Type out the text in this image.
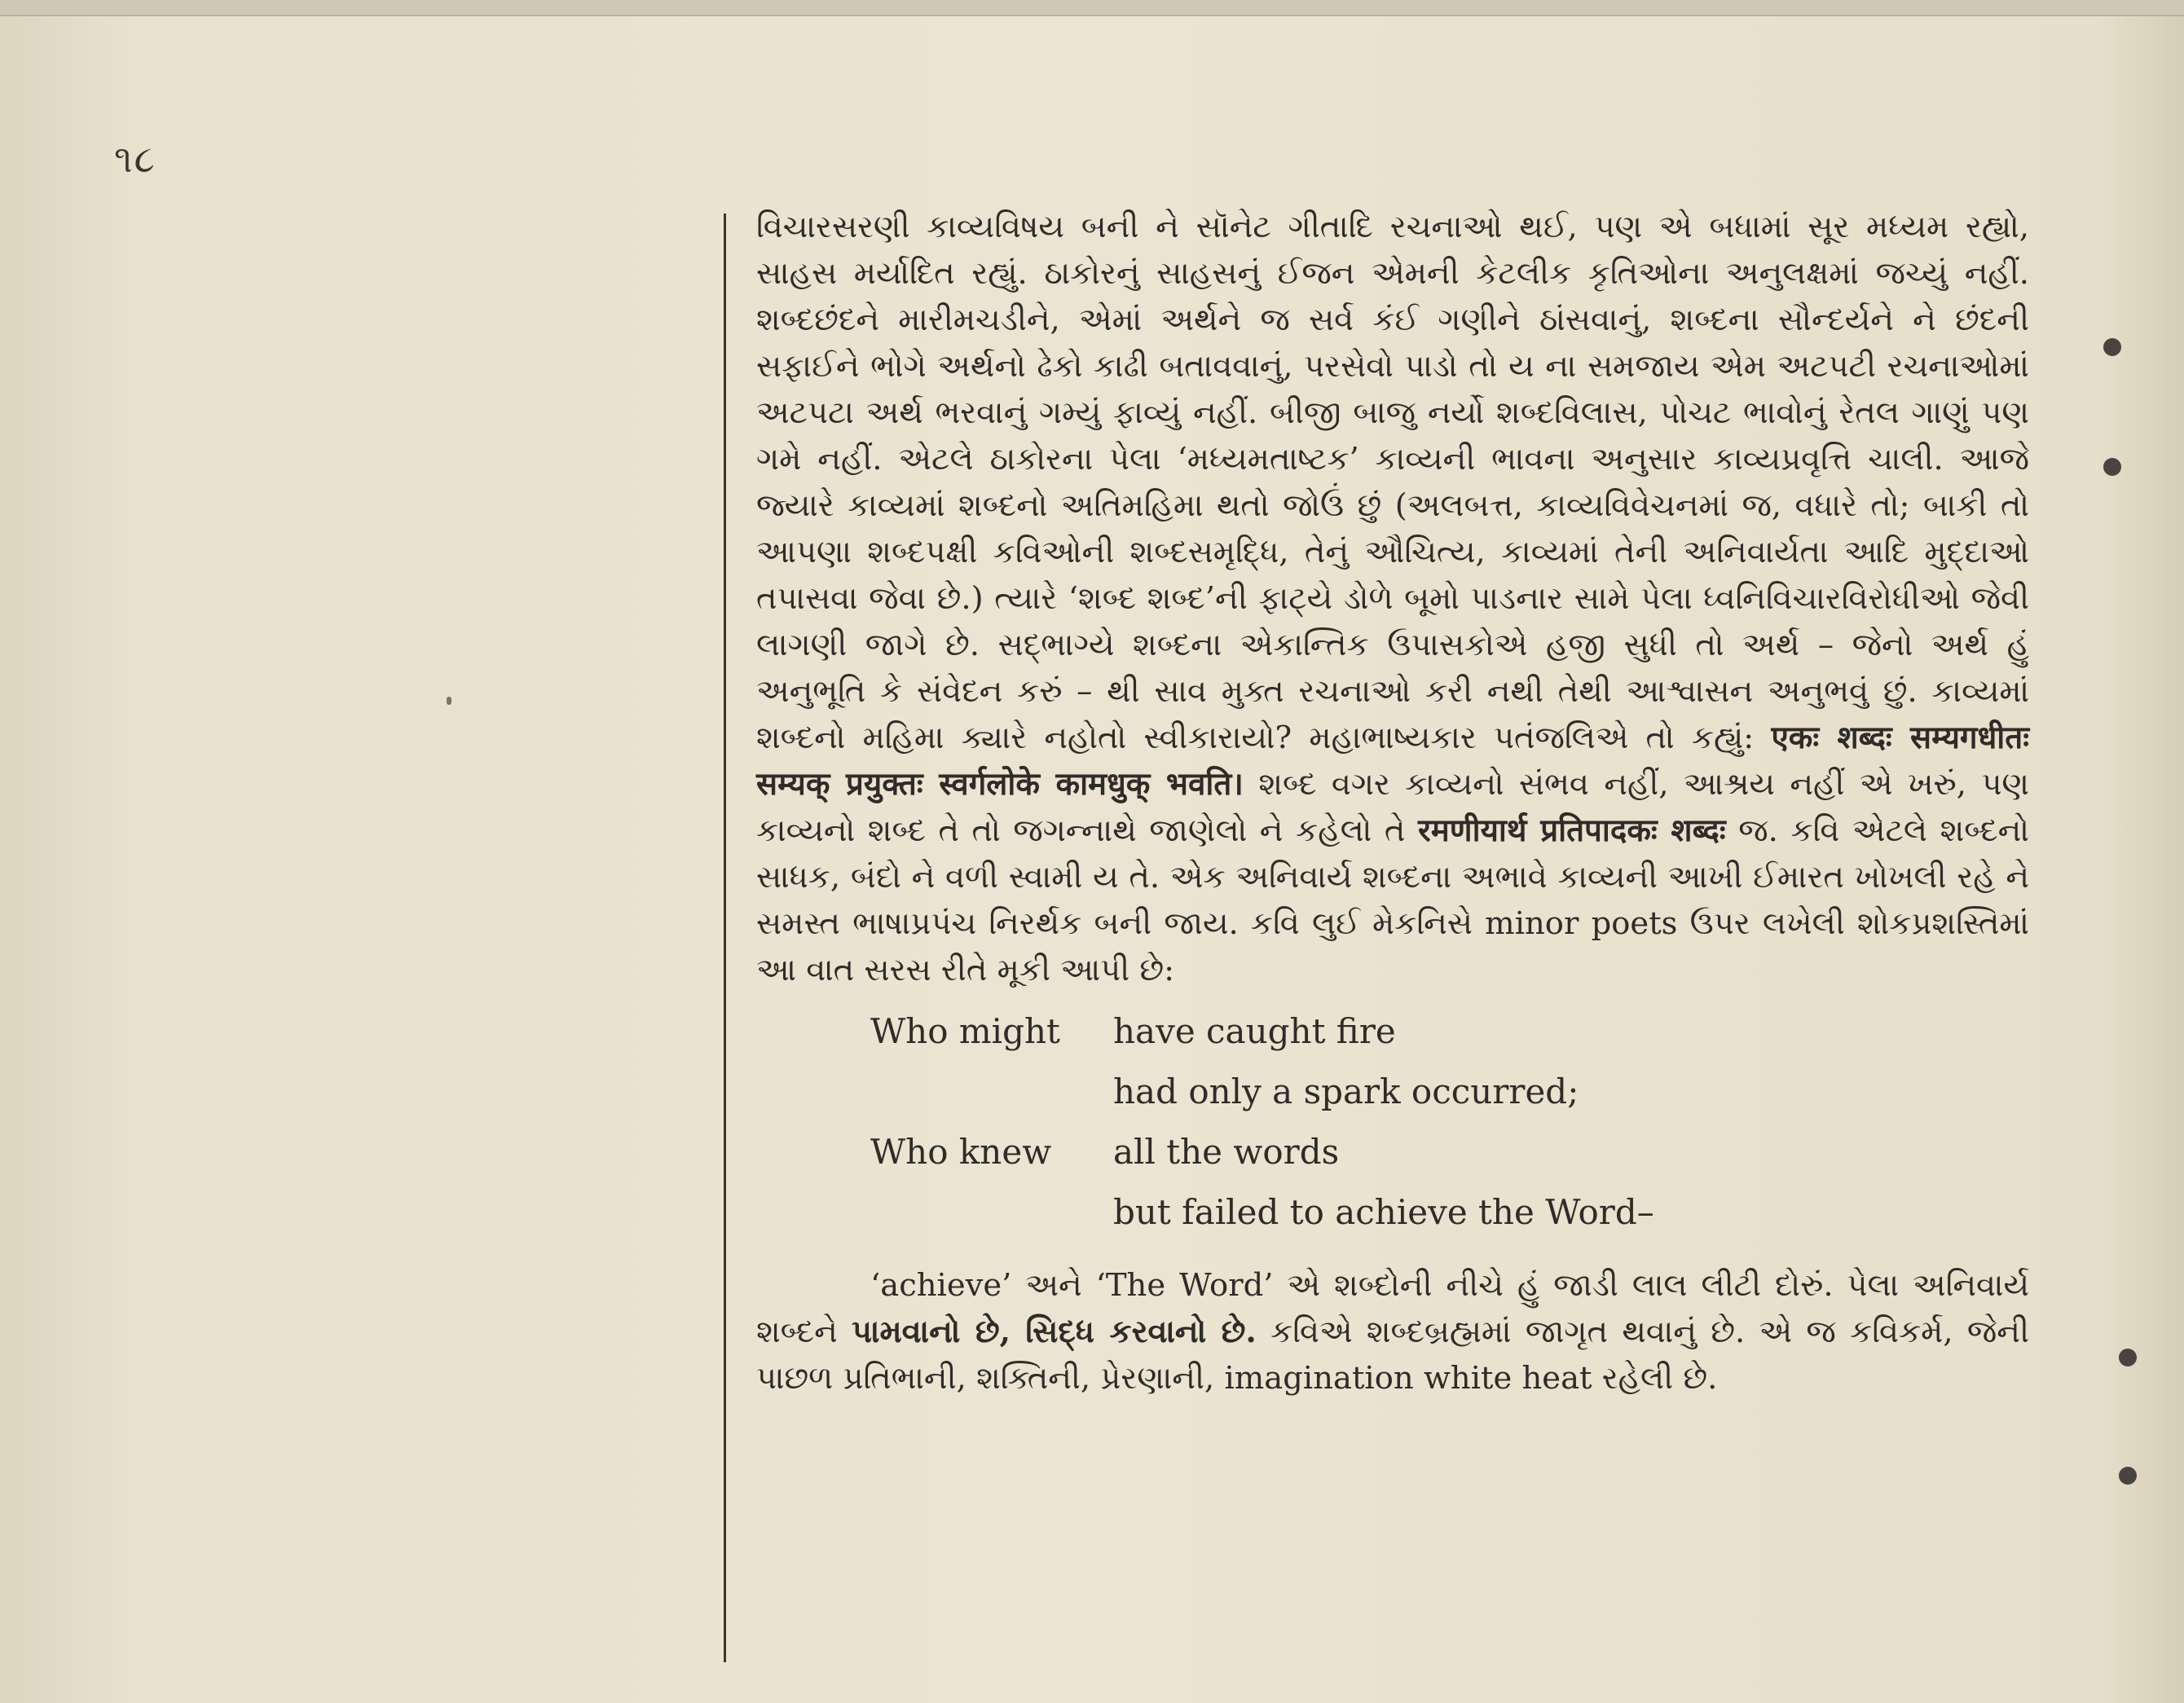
૧૮

વિચારસરણી કાવ્યવિષય બની ને સૉનેટ ગીતાદિ રચનાઓ થઈ, પણ એ બધામાં સૂર મધ્યમ રહ્યો, સાહસ મર્યાદિત રહ્યું. ઠાકોરનું સાહસનું ઈજન એમની કેટલીક કૃતિઓના અનુલક્ષમાં જચ્યું નહીં. શબ્દછંદને મારીમચડીને, એમાં અર્થને જ સર્વ કંઈ ગણીને ઠાંસવાનું, શબ્દના સૌન્દર્યને ને છંદની સફાઈને ભોગે અર્થનો ઢેકો કાઢી બતાવવાનું, પરસેવો પાડો તો ય ના સમજાય એમ અટપટી રચનાઓમાં અટપટા અર્થ ભરવાનું ગમ્યું ફાવ્યું નહીં. બીજી બાજુ નર્યો શબ્દવિલાસ, પોચટ ભાવોનું રેતલ ગાણું પણ ગમે નહીં. એટલે ઠાકોરના પેલા ‘મધ્યમતાષ્ટક’ કાવ્યની ભાવના અનુસાર કાવ્યપ્રવૃત્તિ ચાલી. આજે જ્યારે કાવ્યમાં શબ્દનો અતિમહિમા થતો જોઉં છું (અલબત્ત, કાવ્યવિવેચનમાં જ, વધારે તો; બાકી તો આપણા શબ્દપક્ષી કવિઓની શબ્દસમૃદ્ધિ, તેનું ઔચિત્ય, કાવ્યમાં તેની અનિવાર્યતા આદિ મુદ્દાઓ તપાસવા જેવા છે.) ત્યારે ‘શબ્દ શબ્દ’ની ફાટ્યે ડોળે બૂમો પાડનાર સામે પેલા ધ્વનિવિચારવિરોધીઓ જેવી લાગણી જાગે છે. સદ્ભાગ્યે શબ્દના એકાન્તિક ઉપાસકોએ હજી સુધી તો અર્થ – જેનો અર્થ હું અનુભૂતિ કે સંવેદન કરું – થી સાવ મુક્ત રચનાઓ કરી નથી તેથી આશ્વાસન અનુભવું છું. કાવ્યમાં શબ્દનો મહિમા ક્યારે નહોતો સ્વીકારાયો? મહાભાષ્યકાર પતંજલિએ તો કહ્યું: एकः शब्दः सम्यगधीतः सम्यक् प्रयुक्तः स्वर्गलोके कामधुक् भवति। શબ્દ વગર કાવ્યનો સંભવ નહીં, આશ્રય નહીં એ ખરું, પણ કાવ્યનો શબ્દ તે તો જગન્નાથે જાણેલો ને કહેલો તે रमणीयार्थ प्रतिपादकः शब्दः જ. કવિ એટલે શબ્દનો સાધક, બંદો ને વળી સ્વામી ય તે. એક અનિવાર્ય શબ્દના અભાવે કાવ્યની આખી ઈમારત ખોખલી રહે ને સમસ્ત ભાષાપ્રપંચ નિરર્થક બની જાય. કવિ લુઈ મેકનિસે minor poets ઉપર લખેલી શોકપ્રશસ્તિમાં આ વાત સરસ રીતે મૂકી આપી છે:

Who might have caught fire
had only a spark occurred;
Who knew all the words
but failed to achieve the Word–

‘achieve’ અને ‘The Word’ એ શબ્દોની નીચે હું જાડી લાલ લીટી દોરું. પેલા અનિવાર્ય શબ્દને પામવાનો છે, સિદ્ધ કરવાનો છે. કવિએ શબ્દબ્રહ્મમાં જાગૃત થવાનું છે. એ જ કવિકર્મ, જેની પાછળ પ્રતિભાની, શક્તિની, પ્રેરણાની, imagination white heat રહેલી છે.
